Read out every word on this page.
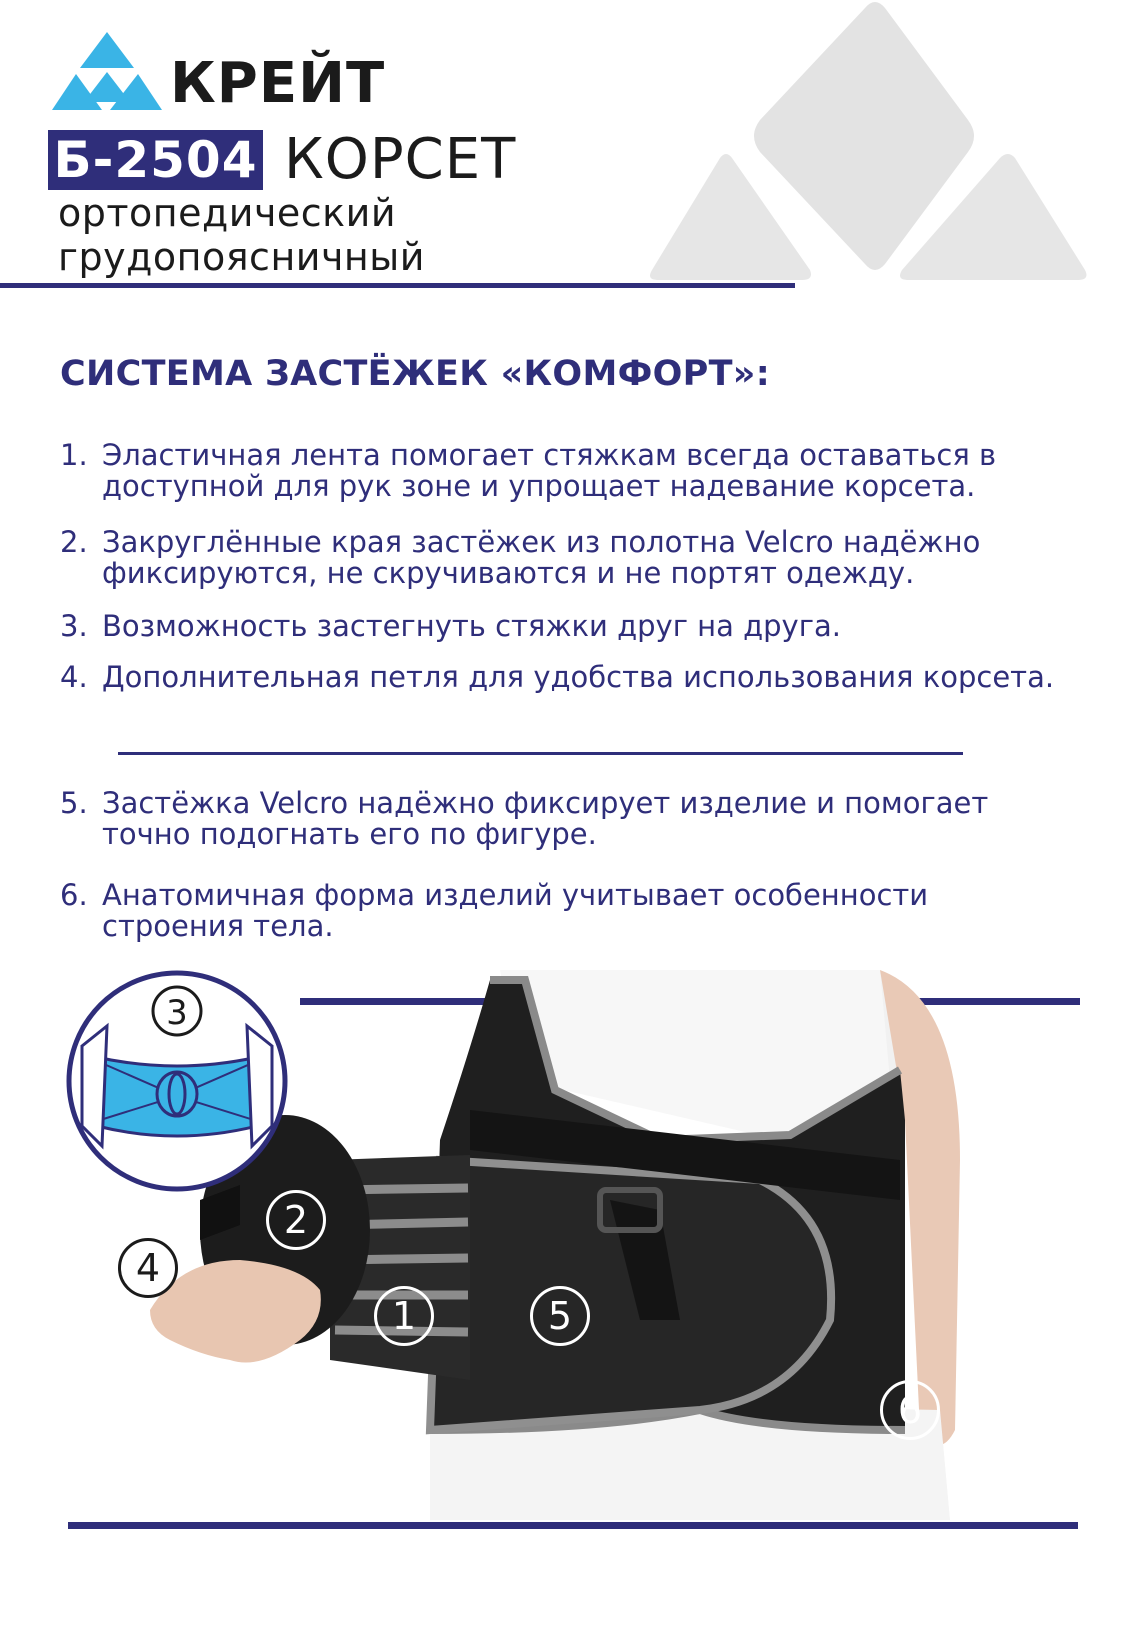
КРЕЙТ
Б-2504 КОРСЕТ
ортопедический
грудопоясничный
СИСТЕМА ЗАСТЁЖЕК «КОМФОРТ»:
1. Эластичная лента помогает стяжкам всегда оставаться в доступной для рук зоне и упрощает надевание корсета.
2. Закруглённые края застёжек из полотна Velcro надёжно фиксируются, не скручиваются и не портят одежду.
3. Возможность застегнуть стяжки друг на друга.
4. Дополнительная петля для удобства использования корсета.
5. Застёжка Velcro надёжно фиксирует изделие и помогает точно подогнать его по фигуре.
6. Анатомичная форма изделий учитывает особенности строения тела.
3
2
4
1	5
6
